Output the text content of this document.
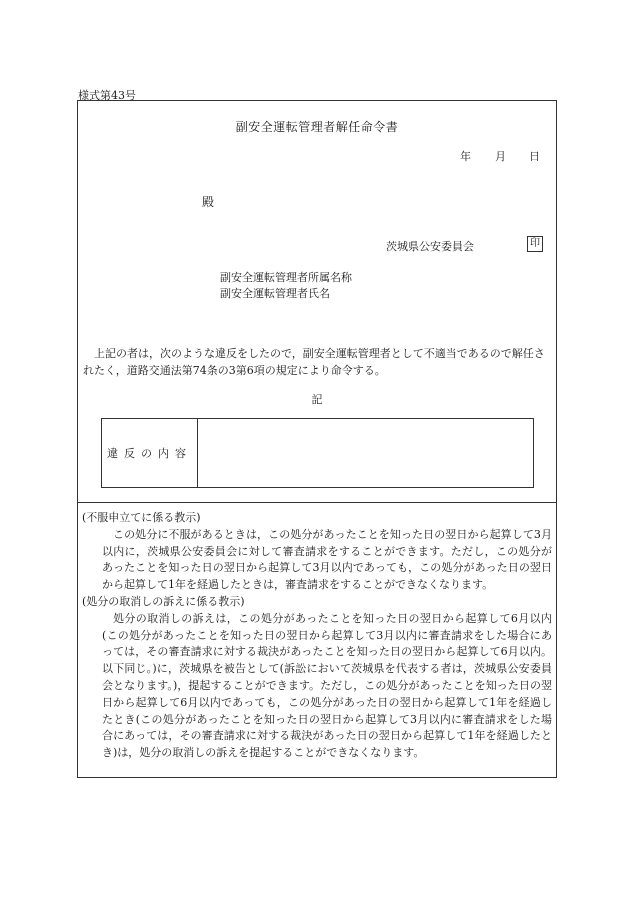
様式第43号
副安全運転管理者解任命令書
年 月 日
殿
茨城県公安委員会	印
副安全運転管理者所属名称
副安全運転管理者氏名
上記の者は，次のような違反をしたので，副安全運転管理者として不適当であるので解任されたく，道路交通法第74条の3第6項の規定により命令する。
記
違反の内容

(不服申立てに係る教示)

この処分に不服があるときは，この処分があったことを知った日の翌日から起算して3月以内に，茨城県公安委員会に対して審査請求をすることができます。ただし，この処分があったことを知った日の翌日から起算して3月以内であっても，この処分があった日の翌日から起算して1年を経過したときは，審査請求をすることができなくなります。

(処分の取消しの訴えに係る教示)

処分の取消しの訴えは，この処分があったことを知った日の翌日から起算して6月以内(この処分があったことを知った日の翌日から起算して3月以内に審査請求をした場合にあっては，その審査請求に対する裁決があったことを知った日の翌日から起算して6月以内。以下同じ。)に，茨城県を被告として(訴訟において茨城県を代表する者は，茨城県公安委員会となります。)，提起することができます。ただし，この処分があったことを知った日の翌日から起算して6月以内であっても，この処分があった日の翌日から起算して1年を経過したとき(この処分があったことを知った日の翌日から起算して3月以内に審査請求をした場合にあっては，その審査請求に対する裁決があった日の翌日から起算して1年を経過したとき)は，処分の取消しの訴えを提起することができなくなります。
